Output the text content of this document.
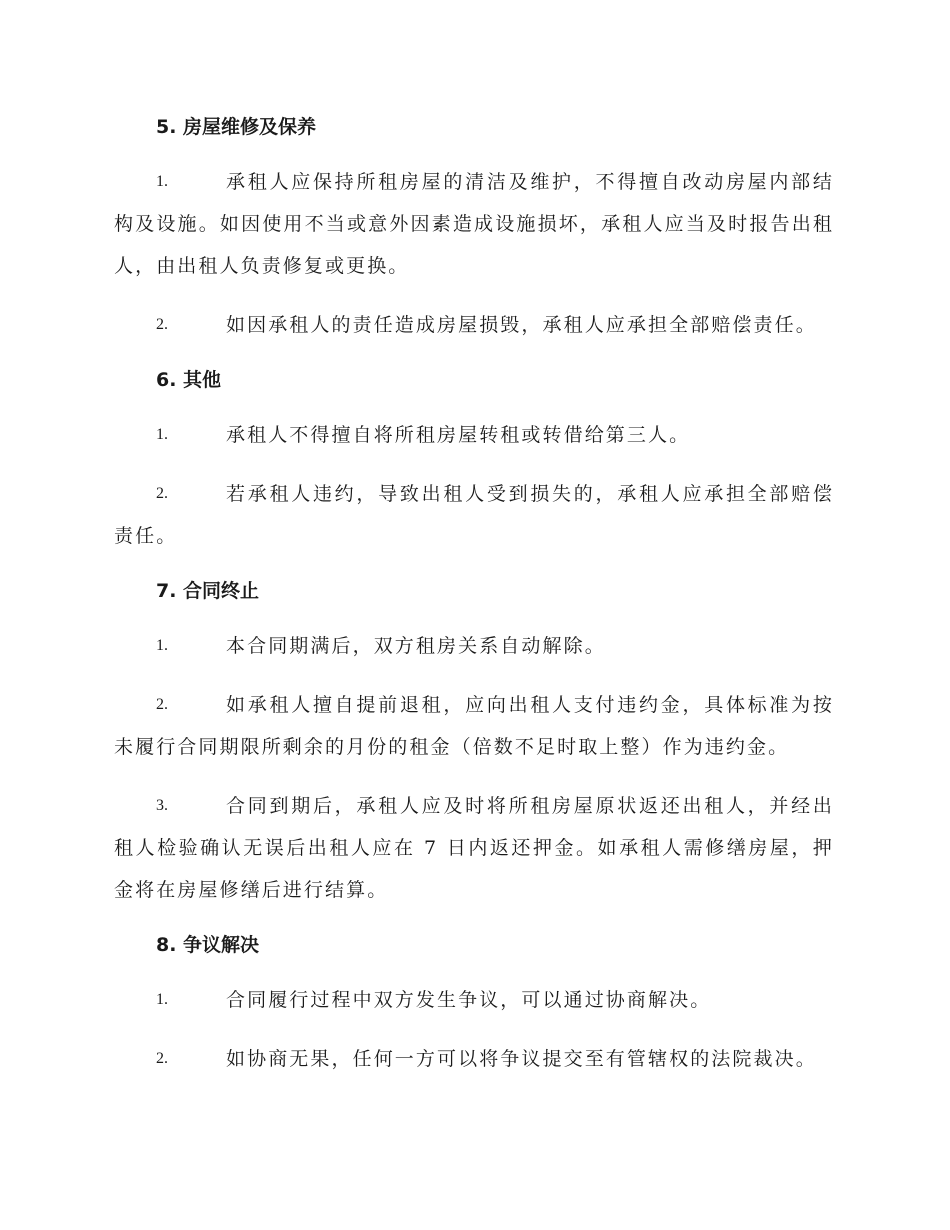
5. 房屋维修及保养

1.	承租人应保持所租房屋的清洁及维护，不得擅自改动房屋内部结构及设施。如因使用不当或意外因素造成设施损坏，承租人应当及时报告出租人，由出租人负责修复或更换。

2.	如因承租人的责任造成房屋损毁，承租人应承担全部赔偿责任。

6. 其他

1.	承租人不得擅自将所租房屋转租或转借给第三人。

2.	若承租人违约，导致出租人受到损失的，承租人应承担全部赔偿责任。

7. 合同终止

1.	本合同期满后，双方租房关系自动解除。

2.	如承租人擅自提前退租，应向出租人支付违约金，具体标准为按未履行合同期限所剩余的月份的租金（倍数不足时取上整）作为违约金。

3.	合同到期后，承租人应及时将所租房屋原状返还出租人，并经出租人检验确认无误后出租人应在 7 日内返还押金。如承租人需修缮房屋，押金将在房屋修缮后进行结算。

8. 争议解决

1.	合同履行过程中双方发生争议，可以通过协商解决。

2.	如协商无果，任何一方可以将争议提交至有管辖权的法院裁决。
